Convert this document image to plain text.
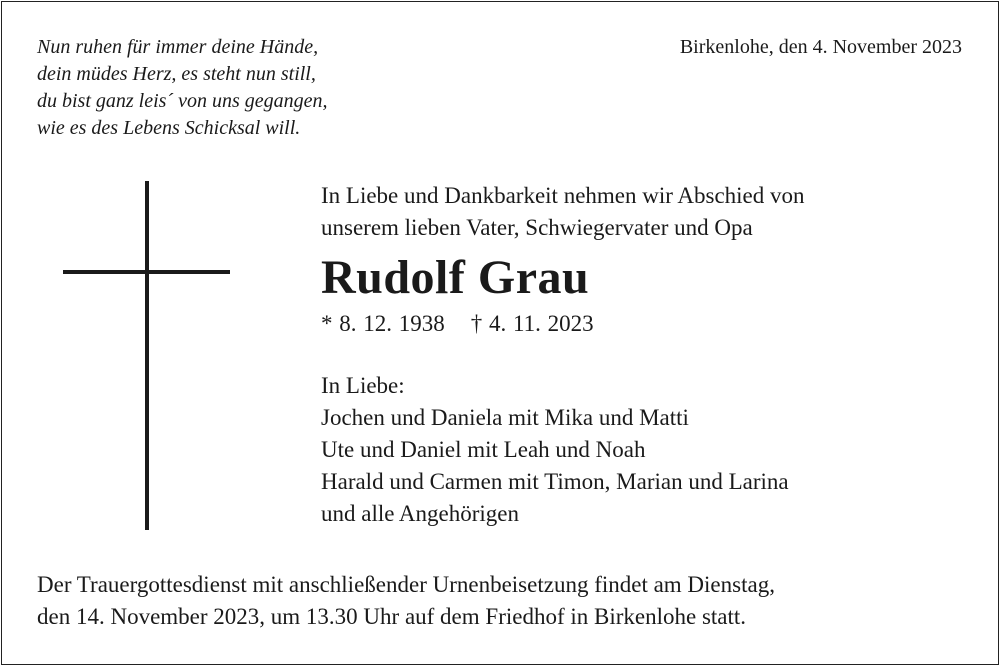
Nun ruhen für immer deine Hände,
dein müdes Herz, es steht nun still,
du bist ganz leis´ von uns gegangen,
wie es des Lebens Schicksal will.
Birkenlohe, den 4. November 2023
In Liebe und Dankbarkeit nehmen wir Abschied von
unserem lieben Vater, Schwiegervater und Opa
Rudolf Grau
* 8. 12. 1938 † 4. 11. 2023
In Liebe:
Jochen und Daniela mit Mika und Matti
Ute und Daniel mit Leah und Noah
Harald und Carmen mit Timon, Marian und Larina
und alle Angehörigen
Der Trauergottesdienst mit anschließender Urnenbeisetzung findet am Dienstag,
den 14. November 2023, um 13.30 Uhr auf dem Friedhof in Birkenlohe statt.
